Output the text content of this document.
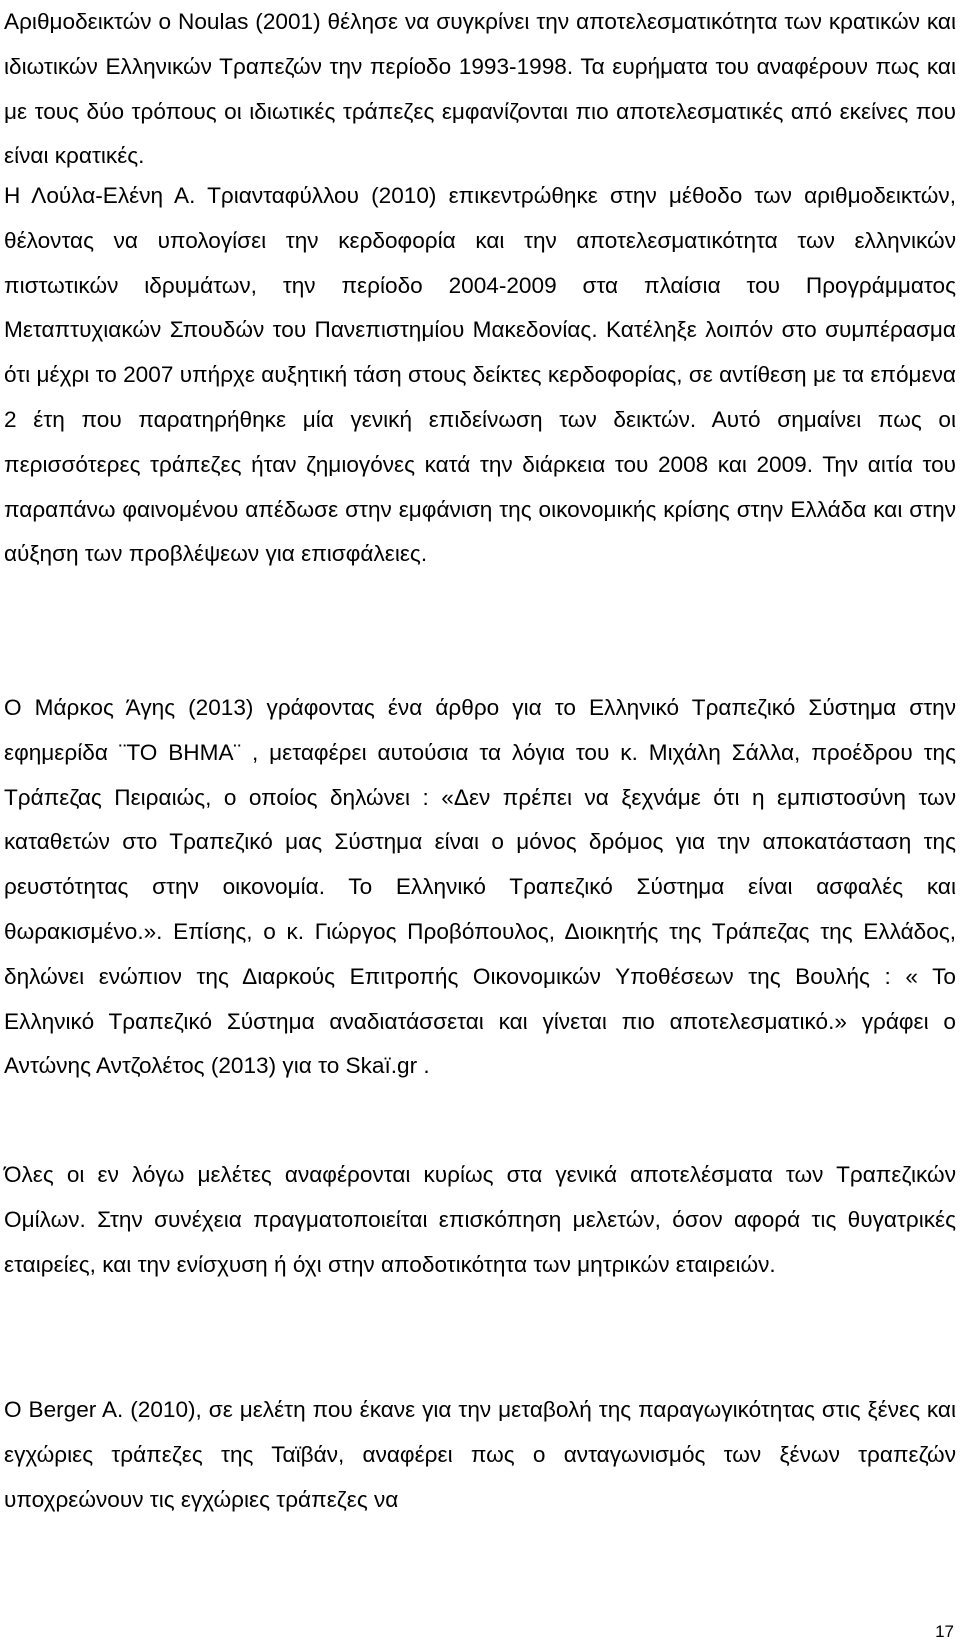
Αριθμοδεικτών ο Noulas (2001) θέλησε να συγκρίνει την αποτελεσματικότητα των κρατικών και ιδιωτικών Ελληνικών Τραπεζών την περίοδο 1993-1998. Τα ευρήματα του αναφέρουν πως και με τους δύο τρόπους οι ιδιωτικές τράπεζες εμφανίζονται πιο αποτελεσματικές από εκείνες που είναι κρατικές.

Η Λούλα-Ελένη Α. Τριανταφύλλου (2010) επικεντρώθηκε στην μέθοδο των αριθμοδεικτών, θέλοντας να υπολογίσει την κερδοφορία και την αποτελεσματικότητα των ελληνικών πιστωτικών ιδρυμάτων, την περίοδο 2004-2009 στα πλαίσια του Προγράμματος Μεταπτυχιακών Σπουδών του Πανεπιστημίου Μακεδονίας. Κατέληξε λοιπόν στο συμπέρασμα ότι μέχρι το 2007 υπήρχε αυξητική τάση στους δείκτες κερδοφορίας, σε αντίθεση με τα επόμενα 2 έτη που παρατηρήθηκε μία γενική επιδείνωση των δεικτών. Αυτό σημαίνει πως οι περισσότερες τράπεζες ήταν ζημιογόνες κατά την διάρκεια του 2008 και 2009. Την αιτία του παραπάνω φαινομένου απέδωσε στην εμφάνιση της οικονομικής κρίσης στην Ελλάδα και στην αύξηση των προβλέψεων για επισφάλειες.

Ο Μάρκος Άγης (2013) γράφοντας ένα άρθρο για το Ελληνικό Τραπεζικό Σύστημα στην εφημερίδα ¨ΤΟ ΒΗΜΑ¨ , μεταφέρει αυτούσια τα λόγια του κ. Μιχάλη Σάλλα, προέδρου της Τράπεζας Πειραιώς, ο οποίος δηλώνει : «Δεν πρέπει να ξεχνάμε ότι η εμπιστοσύνη των καταθετών στο Τραπεζικό μας Σύστημα είναι ο μόνος δρόμος για την αποκατάσταση της ρευστότητας στην οικονομία. Το Ελληνικό Τραπεζικό Σύστημα είναι ασφαλές και θωρακισμένο.». Επίσης, ο κ. Γιώργος Προβόπουλος, Διοικητής της Τράπεζας της Ελλάδος, δηλώνει ενώπιον της Διαρκούς Επιτροπής Οικονομικών Υποθέσεων της Βουλής : « Το Ελληνικό Τραπεζικό Σύστημα αναδιατάσσεται και γίνεται πιο αποτελεσματικό.» γράφει ο Αντώνης Αντζολέτος (2013) για το Skaï.gr .

Όλες οι εν λόγω μελέτες αναφέρονται κυρίως στα γενικά αποτελέσματα των Τραπεζικών Ομίλων. Στην συνέχεια πραγματοποιείται επισκόπηση μελετών, όσον αφορά τις θυγατρικές εταιρείες, και την ενίσχυση ή όχι στην αποδοτικότητα των μητρικών εταιρειών.

Ο Berger A. (2010), σε μελέτη που έκανε για την μεταβολή της παραγωγικότητας στις ξένες και εγχώριες τράπεζες της Ταϊβάν, αναφέρει πως ο ανταγωνισμός των ξένων τραπεζών υποχρεώνουν τις εγχώριες τράπεζες να

17
